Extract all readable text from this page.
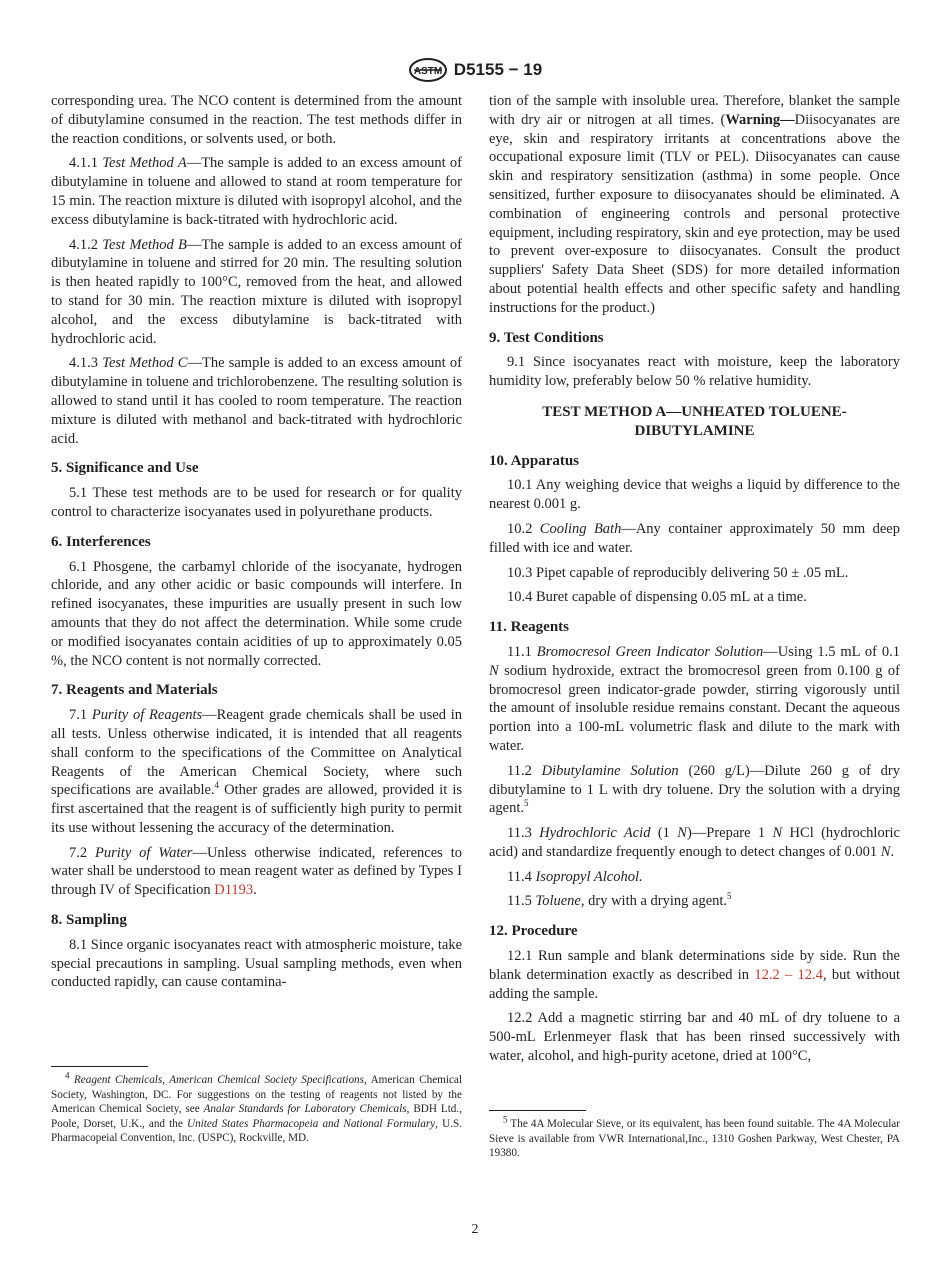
ASTM D5155 − 19

corresponding urea. The NCO content is determined from the amount of dibutylamine consumed in the reaction. The test methods differ in the reaction conditions, or solvents used, or both.

4.1.1 Test Method A—The sample is added to an excess amount of dibutylamine in toluene and allowed to stand at room temperature for 15 min. The reaction mixture is diluted with isopropyl alcohol, and the excess dibutylamine is back-titrated with hydrochloric acid.

4.1.2 Test Method B—The sample is added to an excess amount of dibutylamine in toluene and stirred for 20 min. The resulting solution is then heated rapidly to 100°C, removed from the heat, and allowed to stand for 30 min. The reaction mixture is diluted with isopropyl alcohol, and the excess dibutylamine is back-titrated with hydrochloric acid.

4.1.3 Test Method C—The sample is added to an excess amount of dibutylamine in toluene and trichlorobenzene. The resulting solution is allowed to stand until it has cooled to room temperature. The reaction mixture is diluted with methanol and back-titrated with hydrochloric acid.

5. Significance and Use

5.1 These test methods are to be used for research or for quality control to characterize isocyanates used in polyurethane products.

6. Interferences

6.1 Phosgene, the carbamyl chloride of the isocyanate, hydrogen chloride, and any other acidic or basic compounds will interfere. In refined isocyanates, these impurities are usually present in such low amounts that they do not affect the determination. While some crude or modified isocyanates contain acidities of up to approximately 0.05 %, the NCO content is not normally corrected.

7. Reagents and Materials

7.1 Purity of Reagents—Reagent grade chemicals shall be used in all tests. Unless otherwise indicated, it is intended that all reagents shall conform to the specifications of the Committee on Analytical Reagents of the American Chemical Society, where such specifications are available.$^4$ Other grades are allowed, provided it is first ascertained that the reagent is of sufficiently high purity to permit its use without lessening the accuracy of the determination.

7.2 Purity of Water—Unless otherwise indicated, references to water shall be understood to mean reagent water as defined by Types I through IV of Specification D1193.

8. Sampling

8.1 Since organic isocyanates react with atmospheric moisture, take special precautions in sampling. Usual sampling methods, even when conducted rapidly, can cause contamina-

$^4$ Reagent Chemicals, American Chemical Society Specifications, American Chemical Society, Washington, DC. For suggestions on the testing of reagents not listed by the American Chemical Society, see Analar Standards for Laboratory Chemicals, BDH Ltd., Poole, Dorset, U.K., and the United States Pharmacopeia and National Formulary, U.S. Pharmacopeial Convention, Inc. (USPC), Rockville, MD.

tion of the sample with insoluble urea. Therefore, blanket the sample with dry air or nitrogen at all times. (Warning—Diisocyanates are eye, skin and respiratory irritants at concentrations above the occupational exposure limit (TLV or PEL). Diisocyanates can cause skin and respiratory sensitization (asthma) in some people. Once sensitized, further exposure to diisocyanates should be eliminated. A combination of engineering controls and personal protective equipment, including respiratory, skin and eye protection, may be used to prevent over-exposure to diisocyanates. Consult the product suppliers' Safety Data Sheet (SDS) for more detailed information about potential health effects and other specific safety and handling instructions for the product.)

9. Test Conditions

9.1 Since isocyanates react with moisture, keep the laboratory humidity low, preferably below 50 % relative humidity.

TEST METHOD A—UNHEATED TOLUENE-DIBUTYLAMINE
10. Apparatus

10.1 Any weighing device that weighs a liquid by difference to the nearest 0.001 g.

10.2 Cooling Bath—Any container approximately 50 mm deep filled with ice and water.

10.3 Pipet capable of reproducibly delivering 50 ± .05 mL.

10.4 Buret capable of dispensing 0.05 mL at a time.

11. Reagents

11.1 Bromocresol Green Indicator Solution—Using 1.5 mL of 0.1 N sodium hydroxide, extract the bromocresol green from 0.100 g of bromocresol green indicator-grade powder, stirring vigorously until the amount of insoluble residue remains constant. Decant the aqueous portion into a 100-mL volumetric flask and dilute to the mark with water.

11.2 Dibutylamine Solution (260 g/L)—Dilute 260 g of dry dibutylamine to 1 L with dry toluene. Dry the solution with a drying agent.$^5$

11.3 Hydrochloric Acid (1 N)—Prepare 1 N HCl (hydrochloric acid) and standardize frequently enough to detect changes of 0.001 N.

11.4 Isopropyl Alcohol.

11.5 Toluene, dry with a drying agent.$^5$

12. Procedure

12.1 Run sample and blank determinations side by side. Run the blank determination exactly as described in 12.2 – 12.4, but without adding the sample.

12.2 Add a magnetic stirring bar and 40 mL of dry toluene to a 500-mL Erlenmeyer flask that has been rinsed successively with water, alcohol, and high-purity acetone, dried at 100°C,

$^5$ The 4A Molecular Sieve, or its equivalent, has been found suitable. The 4A Molecular Sieve is available from VWR International,Inc., 1310 Goshen Parkway, West Chester, PA 19380.

2
